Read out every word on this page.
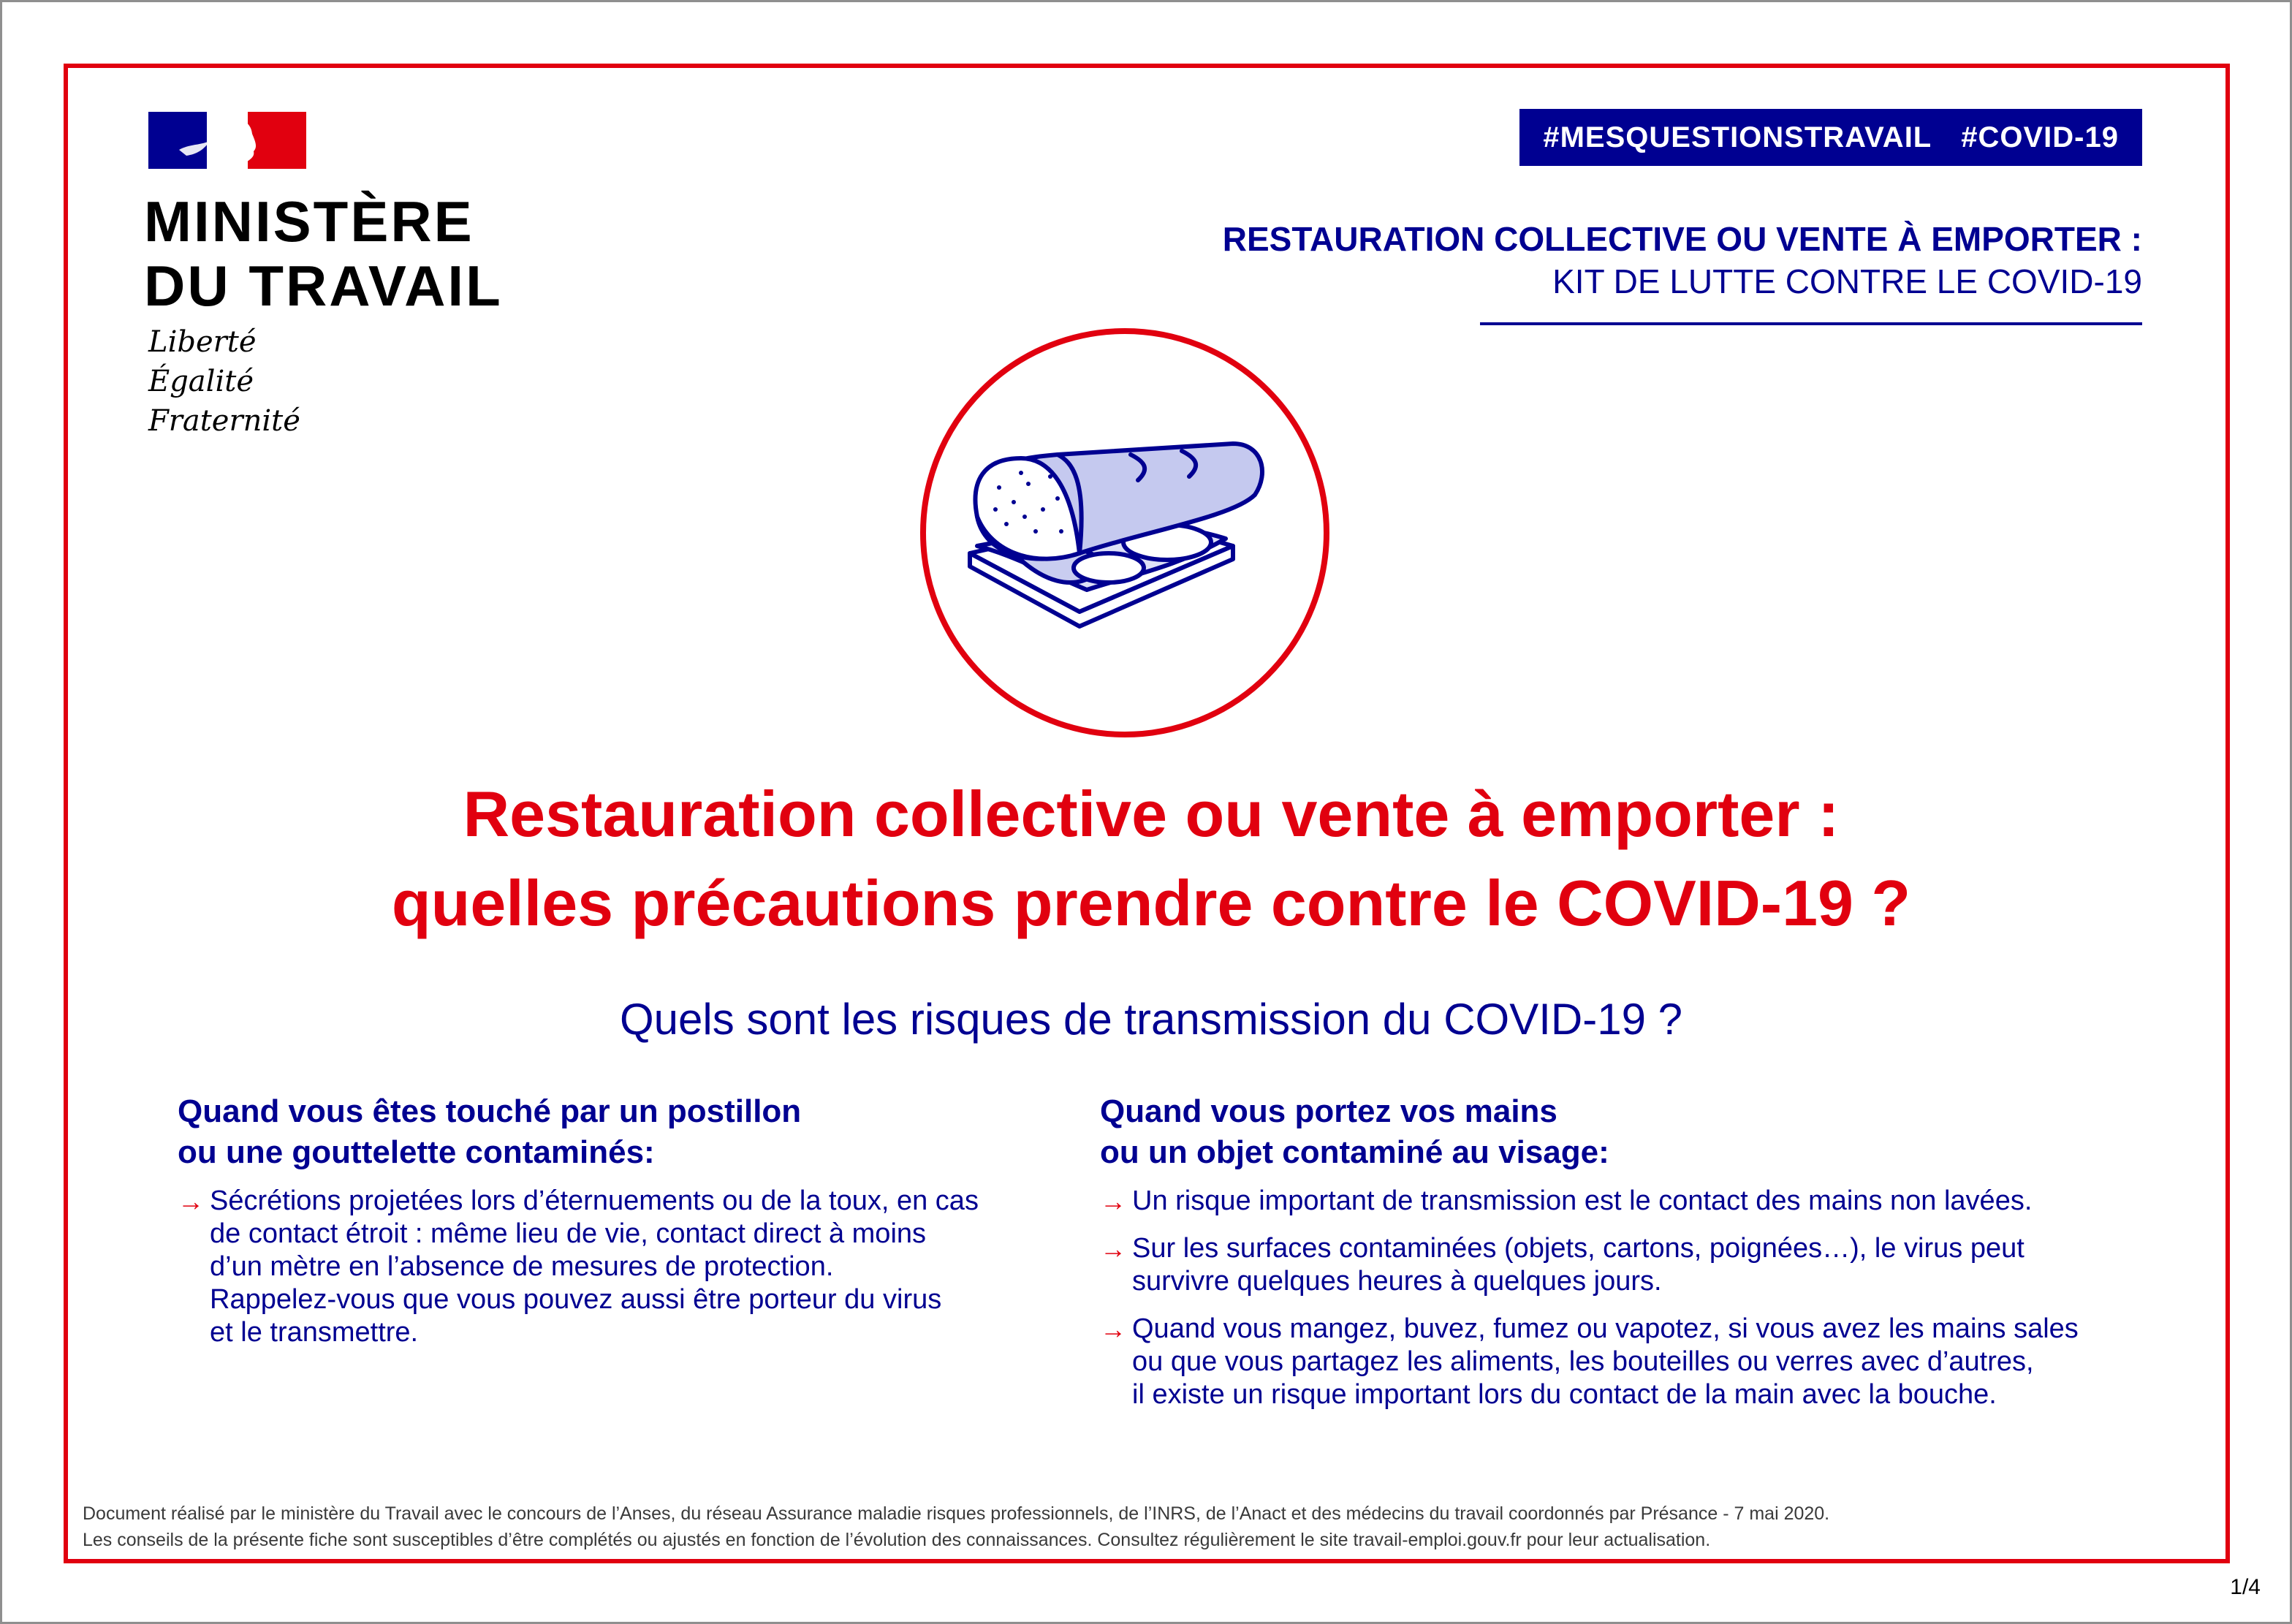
MINISTÈRE
DU TRAVAIL
Liberté
Égalité
Fraternité
#MESQUESTIONSTRAVAIL #COVID-19
RESTAURATION COLLECTIVE OU VENTE À EMPORTER :
KIT DE LUTTE CONTRE LE COVID-19
Restauration collective ou vente à emporter :
quelles précautions prendre contre le COVID-19 ?
Quels sont les risques de transmission du COVID-19 ?
Quand vous êtes touché par un postillon
ou une gouttelette contaminés:
→ Sécrétions projetées lors d’éternuements ou de la toux, en cas
de contact étroit : même lieu de vie, contact direct à moins
d’un mètre en l’absence de mesures de protection.
Rappelez-vous que vous pouvez aussi être porteur du virus
et le transmettre.
Quand vous portez vos mains
ou un objet contaminé au visage:
→ Un risque important de transmission est le contact des mains non lavées.
→ Sur les surfaces contaminées (objets, cartons, poignées…), le virus peut
survivre quelques heures à quelques jours.
→ Quand vous mangez, buvez, fumez ou vapotez, si vous avez les mains sales
ou que vous partagez les aliments, les bouteilles ou verres avec d’autres,
il existe un risque important lors du contact de la main avec la bouche.
Document réalisé par le ministère du Travail avec le concours de l’Anses, du réseau Assurance maladie risques professionnels, de l’INRS, de l’Anact et des médecins du travail coordonnés par Présance - 7 mai 2020.
Les conseils de la présente fiche sont susceptibles d’être complétés ou ajustés en fonction de l’évolution des connaissances. Consultez régulièrement le site travail-emploi.gouv.fr pour leur actualisation.
1/4
